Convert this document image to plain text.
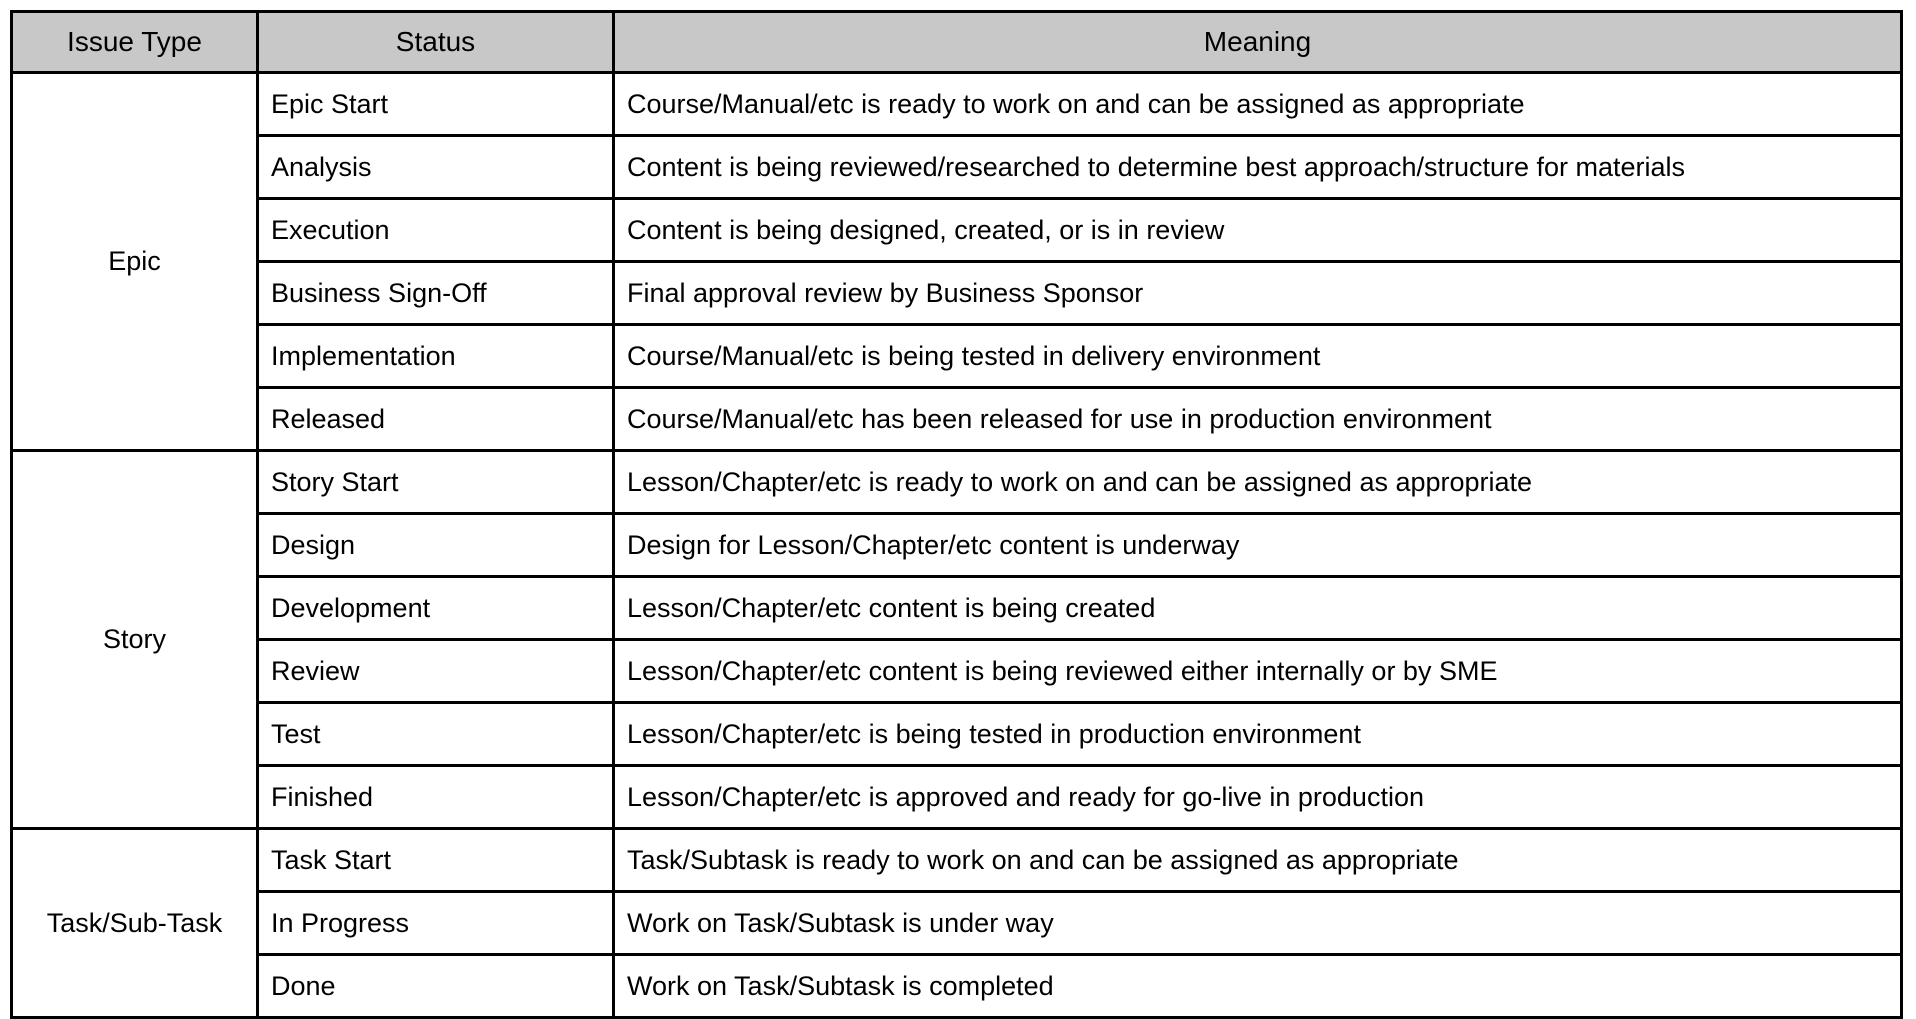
Issue Type	Status	Meaning
Epic	Epic Start	Course/Manual/etc is ready to work on and can be assigned as appropriate
	Analysis	Content is being reviewed/researched to determine best approach/structure for materials
	Execution	Content is being designed, created, or is in review
	Business Sign-Off	Final approval review by Business Sponsor
	Implementation	Course/Manual/etc is being tested in delivery environment
	Released	Course/Manual/etc has been released for use in production environment
Story	Story Start	Lesson/Chapter/etc is ready to work on and can be assigned as appropriate
	Design	Design for Lesson/Chapter/etc content is underway
	Development	Lesson/Chapter/etc content is being created
	Review	Lesson/Chapter/etc content is being reviewed either internally or by SME
	Test	Lesson/Chapter/etc is being tested in production environment
	Finished	Lesson/Chapter/etc is approved and ready for go-live in production
Task/Sub-Task	Task Start	Task/Subtask is ready to work on and can be assigned as appropriate
	In Progress	Work on Task/Subtask is under way
	Done	Work on Task/Subtask is completed
